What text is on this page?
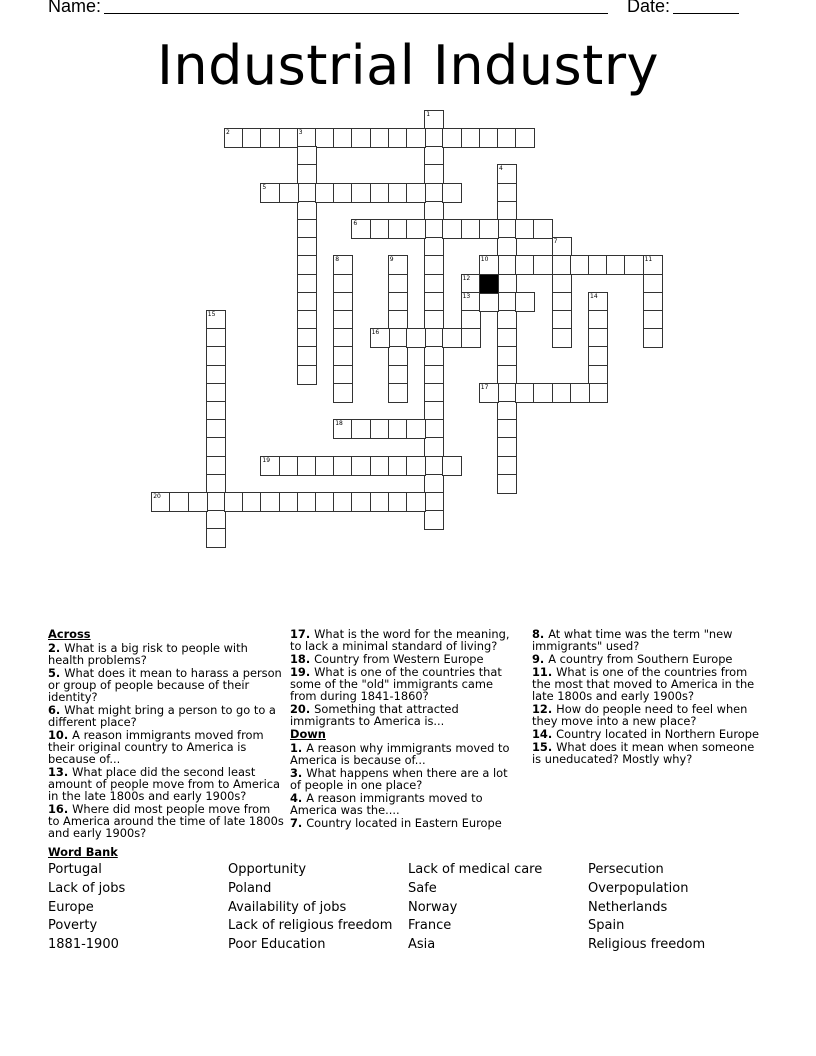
Name:	Date:
Industrial Industry
1
2	3
4
5
6
7
8	9	10	11
12
13	14
15
16
17
18
19
20
Across
2. What is a big risk to people with health problems?
5. What does it mean to harass a person or group of people because of their identity?
6. What might bring a person to go to a different place?
10. A reason immigrants moved from their original country to America is because of...
13. What place did the second least amount of people move from to America in the late 1800s and early 1900s?
16. Where did most people move from to America around the time of late 1800s and early 1900s?
17. What is the word for the meaning, to lack a minimal standard of living?
18. Country from Western Europe
19. What is one of the countries that some of the "old" immigrants came from during 1841-1860?
20. Something that attracted immigrants to America is...
Down
1. A reason why immigrants moved to America is because of...
3. What happens when there are a lot of people in one place?
4. A reason immigrants moved to America was the....
7. Country located in Eastern Europe
8. At what time was the term "new immigrants" used?
9. A country from Southern Europe
11. What is one of the countries from the most that moved to America in the late 1800s and early 1900s?
12. How do people need to feel when they move into a new place?
14. Country located in Northern Europe
15. What does it mean when someone is uneducated? Mostly why?
Word Bank
Portugal
Lack of jobs
Europe
Poverty
1881-1900
Opportunity
Poland
Availability of jobs
Lack of religious freedom
Poor Education
Lack of medical care
Safe
Norway
France
Asia
Persecution
Overpopulation
Netherlands
Spain
Religious freedom
